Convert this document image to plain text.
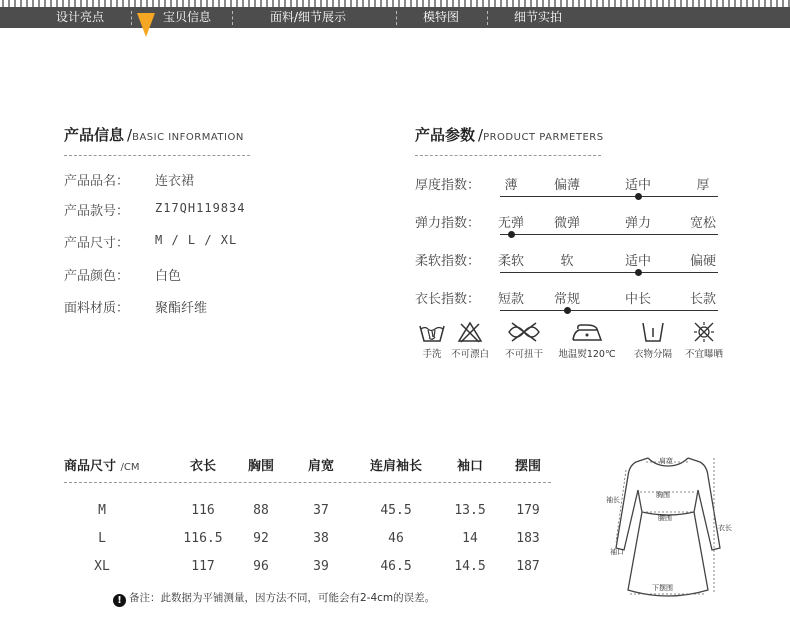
设计亮点	宝贝信息	面料/细节展示	模特图	细节实拍
产品信息 /BASIC INFORMATION
产品品名： 连衣裙
产品款号： Z17QH119834
产品尺寸： M / L / XL
产品颜色： 白色
面料材质： 聚酯纤维
产品参数 /PRODUCT PARMETERS
厚度指数：	薄	偏薄	适中	厚
弹力指数：	无弹	微弹	弹力	宽松
柔软指数：	柔软	软	适中	偏硬
衣长指数：	短款	常规	中长	长款
手洗 不可漂白	不可扭干	地温熨120℃	衣物分隔	不宜曝晒
商品尺寸 /CM	衣长	胸围	肩宽	连肩袖长	袖口	摆围
M	116	88	37	45.5	13.5	179
L	116.5	92	38	46	14	183
XL	117	96	39	46.5	14.5	187
! 备注：此数据为平铺测量，因方法不同，可能会有2-4cm的误差。
肩宽
胸围
腰围
袖长
衣长
袖口
下摆围
